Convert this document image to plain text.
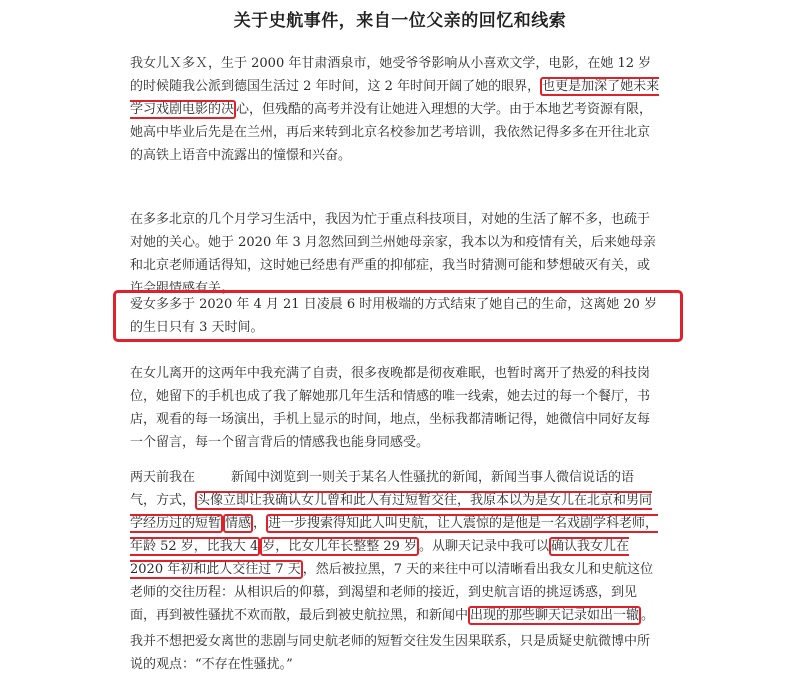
关于史航事件，来自一位父亲的回忆和线索
我女儿Ｘ多Ｘ，生于 2000 年甘肃酒泉市，她受爷爷影响从小喜欢文学，电影，在她 12 岁的时候随我公派到德国生活过 2 年时间，这 2 年时间开阔了她的眼界， 也更是加深了她未来学习戏剧电影的决 心，但残酷的高考并没有让她进入理想的大学。由于本地艺考资源有限，她高中毕业后先是在兰州，再后来转到北京名校参加艺考培训，我依然记得多多在开往北京的高铁上语音中流露出的憧憬和兴奋。
在多多北京的几个月学习生活中，我因为忙于重点科技项目，对她的生活了解不多，也疏于对她的关心。她于 2020 年 3 月忽然回到兰州她母亲家，我本以为和疫情有关，后来她母亲和北京老师通话得知，这时她已经患有严重的抑郁症，我当时猜测可能和梦想破灭有关，或许会跟情感有关。
爱女多多于 2020 年 4 月 21 日凌晨 6 时用极端的方式结束了她自己的生命，这离她 20 岁的生日只有 3 天时间。
在女儿离开的这两年中我充满了自责，很多夜晚都是彻夜难眠，也暂时离开了热爱的科技岗位，她留下的手机也成了我了解她那几年生活和情感的唯一线索，她去过的每一个餐厅，书店，观看的每一场演出，手机上显示的时间，地点，坐标我都清晰记得，她微信中同好友每一个留言，每一个留言背后的情感我也能身同感受。
两天前我在	新闻中浏览到一则关于某名人性骚扰的新闻，新闻当事人微信说话的语气，方式， 头像立即让我确认女儿曾和此人有过短暂交往，我原本以为是女儿在北京和男同学经历过的短暂 情感 ， 进一步搜索得知此人叫史航，让人震惊的是他是一名戏剧学科老师，年龄 52 岁，比我大 4 岁，比女儿年长整整 29 岁 。从聊天记录中我可以 确认我女儿在 2020 年初和此人交往过 7 天 ，然后被拉黑，7 天的来往中可以清晰看出我女儿和史航这位老师的交往历程：从相识后的仰慕，到渴望和老师的接近，到史航言语的挑逗诱惑，到见面，再到被性骚扰不欢而散，最后到被史航拉黑，和新闻中 出现的那些聊天记录如出一辙 。
我并不想把爱女离世的悲剧与同史航老师的短暂交往发生因果联系，只是质疑史航微博中所说的观点：“不存在性骚扰。”
